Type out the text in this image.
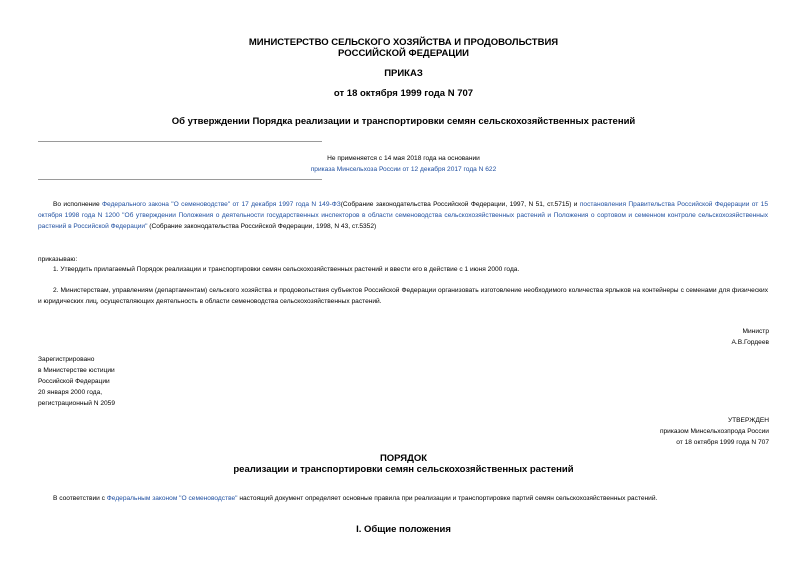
МИНИСТЕРСТВО СЕЛЬСКОГО ХОЗЯЙСТВА И ПРОДОВОЛЬСТВИЯ
РОССИЙСКОЙ ФЕДЕРАЦИИ
ПРИКАЗ
от 18 октября 1999 года N 707
Об утверждении Порядка реализации и транспортировки семян сельскохозяйственных растений
Не применяется с 14 мая 2018 года на основании
приказа Минсельхоза России от 12 декабря 2017 года N 622

Во исполнение Федерального закона "О семеноводстве" от 17 декабря 1997 года N 149-ФЗ(Собрание законодательства Российской Федерации, 1997, N 51, ст.5715) и постановления Правительства Российской Федерации от 15 октября 1998 года N 1200 "Об утверждении Положения о деятельности государственных инспекторов в области семеноводства сельскохозяйственных растений и Положения о сортовом и семенном контроле сельскохозяйственных растений в Российской Федерации" (Собрание законодательства Российской Федерации, 1998, N 43, ст.5352)

приказываю:

1. Утвердить прилагаемый Порядок реализации и транспортировки семян сельскохозяйственных растений и ввести его в действие с 1 июня 2000 года.

2. Министерствам, управлениям (департаментам) сельского хозяйства и продовольствия субъектов Российской Федерации организовать изготовление необходимого количества ярлыков на контейнеры с семенами для физических и юридических лиц, осуществляющих деятельность в области семеноводства сельскохозяйственных растений.

Министр
А.В.Гордеев
Зарегистрировано
в Министерстве юстиции
Российской Федерации
20 января 2000 года,
регистрационный N 2059
УТВЕРЖДЕН
приказом Минсельхозпрода России
от 18 октября 1999 года N 707
ПОРЯДОК
реализации и транспортировки семян сельскохозяйственных растений

В соответствии с Федеральным законом "О семеноводстве" настоящий документ определяет основные правила при реализации и транспортировке партий семян сельскохозяйственных растений.

I. Общие положения
